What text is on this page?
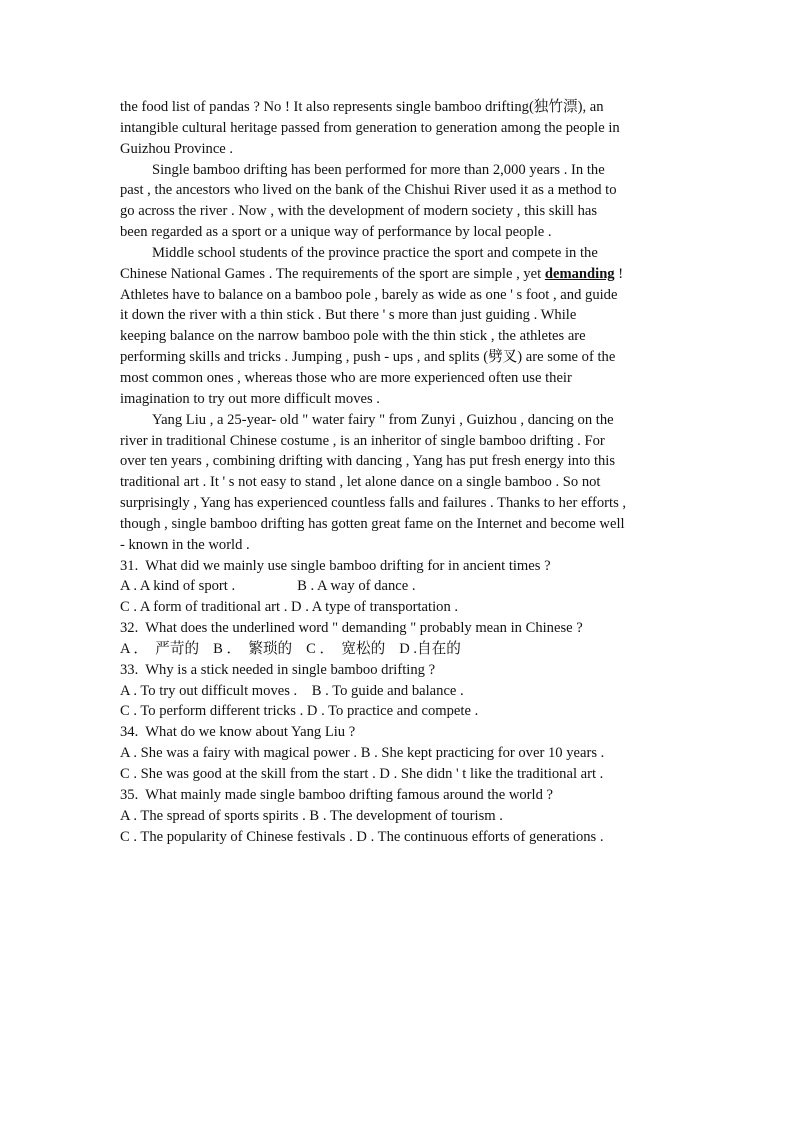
the food list of pandas ? No ! It also represents single bamboo drifting(独竹漂), an
intangible cultural heritage passed from generation to generation among the people in
Guizhou Province .
Single bamboo drifting has been performed for more than 2,000 years . In the
past , the ancestors who lived on the bank of the Chishui River used it as a method to
go across the river . Now , with the development of modern society , this skill has
been regarded as a sport or a unique way of performance by local people .
Middle school students of the province practice the sport and compete in the
Chinese National Games . The requirements of the sport are simple , yet demanding !
Athletes have to balance on a bamboo pole , barely as wide as one ' s foot , and guide
it down the river with a thin stick . But there ' s more than just guiding . While
keeping balance on the narrow bamboo pole with the thin stick , the athletes are
performing skills and tricks . Jumping , push - ups , and splits (劈叉) are some of the
most common ones , whereas those who are more experienced often use their
imagination to try out more difficult moves .
Yang Liu , a 25-year- old " water fairy " from Zunyi , Guizhou , dancing on the
river in traditional Chinese costume , is an inheritor of single bamboo drifting . For
over ten years , combining drifting with dancing , Yang has put fresh energy into this
traditional art . It ' s not easy to stand , let alone dance on a single bamboo . So not
surprisingly , Yang has experienced countless falls and failures . Thanks to her efforts ,
though , single bamboo drifting has gotten great fame on the Internet and become well
- known in the world .
31.  What did we mainly use single bamboo drifting for in ancient times ?
A . A kind of sport .	B . A way of dance .
C . A form of traditional art . D . A type of transportation .
32.  What does the underlined word " demanding " probably mean in Chinese ?
A ．  严苛的 B ．  繁琐的 C ．  宽松的 D .自在的
33.  Why is a stick needed in single bamboo drifting ?
A . To try out difficult moves .    B . To guide and balance .
C . To perform different tricks . D . To practice and compete .
34.  What do we know about Yang Liu ?
A . She was a fairy with magical power . B . She kept practicing for over 10 years .
C . She was good at the skill from the start . D . She didn ' t like the traditional art .
35.  What mainly made single bamboo drifting famous around the world ?
A . The spread of sports spirits . B . The development of tourism .
C . The popularity of Chinese festivals . D . The continuous efforts of generations .
